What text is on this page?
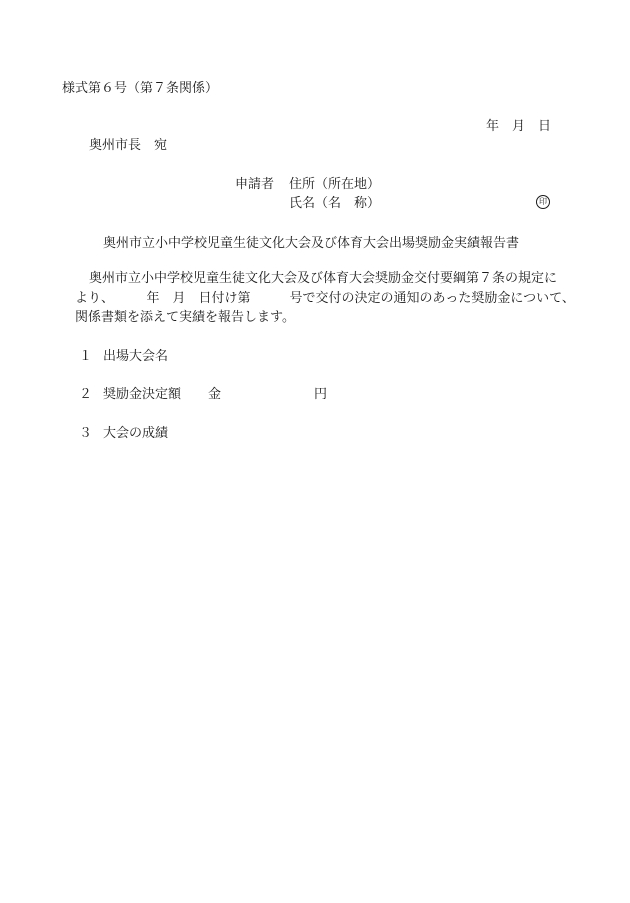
様式第６号（第７条関係）
年　月　日
奥州市長　宛
申請者 住所（所在地）
氏名（名　称）	印
奥州市立小中学校児童生徒文化大会及び体育大会出場奨励金実績報告書
奥州市立小中学校児童生徒文化大会及び体育大会奨励金交付要綱第７条の規定に
より、　　　年　月　日付け第　　　号で交付の決定の通知のあった奨励金について、
関係書類を添えて実績を報告します。
１ 出場大会名
２ 奨励金決定額 金	円
３ 大会の成績
